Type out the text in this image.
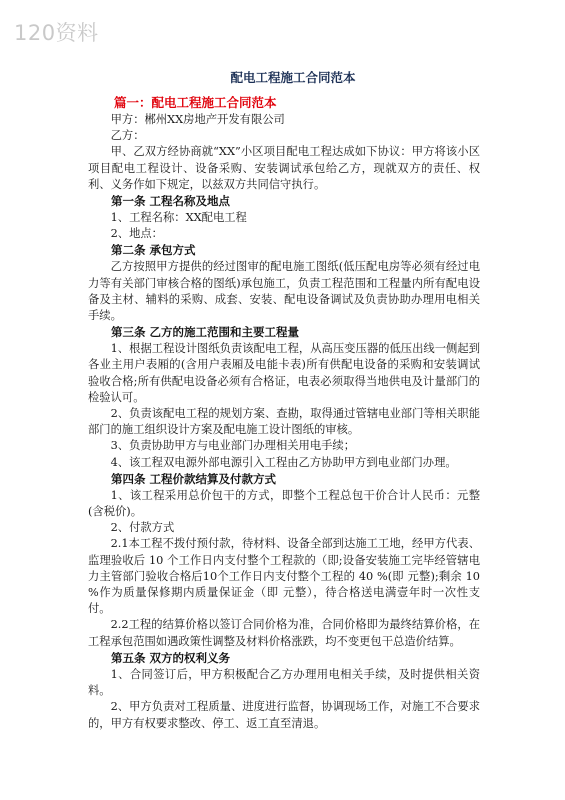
120资料
配电工程施工合同范本
篇一：配电工程施工合同范本

甲方：郴州XX房地产开发有限公司

乙方：

甲、乙双方经协商就“XX”小区项目配电工程达成如下协议：甲方将该小区项目配电工程设计、设备采购、安装调试承包给乙方，现就双方的责任、权利、义务作如下规定，以兹双方共同信守执行。

第一条 工程名称及地点

1、工程名称：XX配电工程

2、地点：

第二条 承包方式

乙方按照甲方提供的经过图审的配电施工图纸(低压配电房等必须有经过电力等有关部门审核合格的图纸)承包施工，负责工程范围和工程量内所有配电设备及主材、辅料的采购、成套、安装、配电设备调试及负责协助办理用电相关手续。

第三条 乙方的施工范围和主要工程量

1、根据工程设计图纸负责该配电工程，从高压变压器的低压出线一侧起到各业主用户表厢的(含用户表厢及电能卡表)所有供配电设备的采购和安装调试验收合格;所有供配电设备必须有合格证，电表必须取得当地供电及计量部门的检验认可。

2、负责该配电工程的规划方案、查勘，取得通过管辖电业部门等相关职能部门的施工组织设计方案及配电施工设计图纸的审核。

3、负责协助甲方与电业部门办理相关用电手续；

4、该工程双电源外部电源引入工程由乙方协助甲方到电业部门办理。

第四条 工程价款结算及付款方式

1、该工程采用总价包干的方式，即整个工程总包干价合计人民币：元整(含税价)。

2、付款方式

2.1本工程不拨付预付款，待材料、设备全部到达施工工地，经甲方代表、监理验收后 10 个工作日内支付整个工程款的（即;设备安装施工完毕经管辖电力主管部门验收合格后10个工作日内支付整个工程的 40 %(即 元整);剩余 10 %作为质量保修期内质量保证金（即 元整），待合格送电满壹年时一次性支付。

2.2工程的结算价格以签订合同价格为准，合同价格即为最终结算价格，在工程承包范围如遇政策性调整及材料价格涨跌，均不变更包干总造价结算。

第五条 双方的权利义务

1、合同签订后，甲方积极配合乙方办理用电相关手续，及时提供相关资料。

2、甲方负责对工程质量、进度进行监督，协调现场工作，对施工不合要求的，甲方有权要求整改、停工、返工直至清退。
